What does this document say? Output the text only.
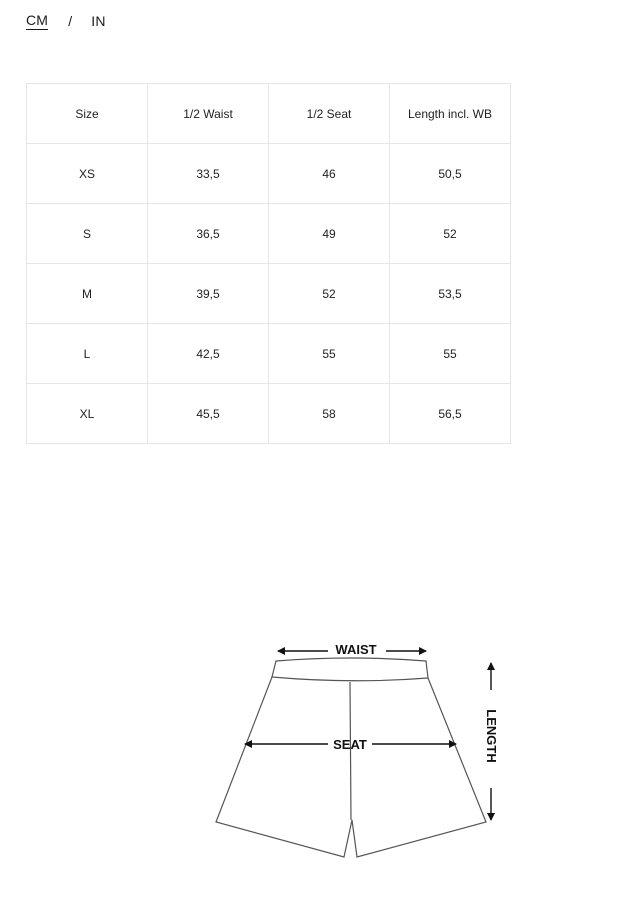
CM / IN
Size	1/2 Waist	1/2 Seat	Length incl. WB
XS	33,5	46	50,5
S	36,5	49	52
M	39,5	52	53,5
L	42,5	55	55
XL	45,5	58	56,5
WAIST
SEAT	LENGTH
